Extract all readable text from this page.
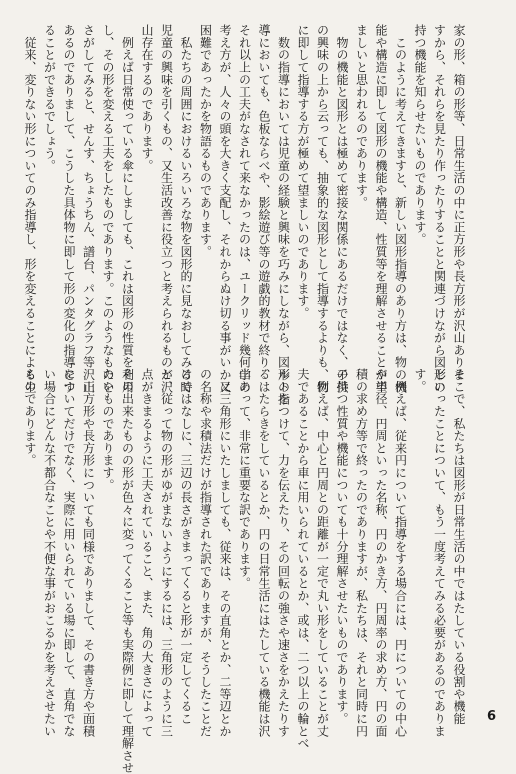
家の形、箱の形等、日常生活の中に正方形や長方形が沢山ありま
すから、それらを見たり作ったりすることと関連づけながら図形の
持つ機能を知らせたいものであります。
　このように考えてきますと、新しい図形指導のあり方は、物の機
能や構造に即して図形の機能や構造、性質等を理解させることが望
ましいと思われるのであります。
　物の機能と図形とは極めて密接な関係にあるだけではなく、子供
の興味の上から云っても、抽象的な図形として指導するよりも、物
に即して指導する方が極めて望ましいのであります。
　数の指導においては児童の経験と興味を巧みにしながら、図形の指
導においても、色板ならべや、影絵遊び等の遊戯的教材で終り、
それ以上の工夫がなされて来なかったのは、ユークリッド幾何学の
考え方が、人々の頭を大きく支配し、それからぬけ切る事がいかに
困難であったかを物語るものであります。
　私たちの周囲におけるいろいろな物を図形的に見なおしてみる時
児童の興味を引くもの、又生活改善に役立つと考えられるものが沢
山存在するのであります。
　例えば日常使っている傘にしましても、これは図形の性質を利用
し、その形を変える工夫をしたものであります。このようなものを
さがしてみると、せんす、ちょうちん、譜台、パンタグラフ等沢山
あるのでありまして、こうした具体物に即して形の変化の指導をす
ることができるでしょう。
　従来、変りない形についてのみ指導し、形を変えることによる生
そこで、私たちは図形が日常生活の中ではたしている役割や機能
といったことについて、もう一度考えてみる必要があるのでありま
す。
　例えば、従来円について指導をする場合には、円についての中心
や半径、円周といった名称、円のかき方、円周率の求め方、円の面
積の求め方等で終ったのでありますが、私たちは、それと同時に円
の持つ性質や機能についても十分理解させたいものであります。
　例えば、中心と円周との距離が一定で丸い形をしていることが丈
夫であることから車に用いられているとか、或は、二つ以上の輪とべ
ルトをつけて、力を伝えたり、その回転の強さや速さをかえたりす
るはたらきをしているとか、円の日常生活にはたしている機能は沢
山あって、非常に重要な訳であります。
　又三角形にいたしましても、従来は、その直角とか、二等辺とか
の名称や求積法だけが指導された訳でありますが、そうしたことだ
けではなしに、三辺の長さがきまってくると形が一定してくるこ
と、従って物の形がゆがまないようにするには、三角形のように三
点がきまるように工夫されていること、また、角の大きさによって
その出来たものの形が色々に変ってくること等も実際例に即して理解させ
たいものであります。
　正方形や長方形についても同様でありまして、その書き方や面積
についてだけでなく、実際に用いられている場に即して、直角でな
い場合にどんな不都合なことや不便な事がおこるかを考えさせたい
ものであります。
6
